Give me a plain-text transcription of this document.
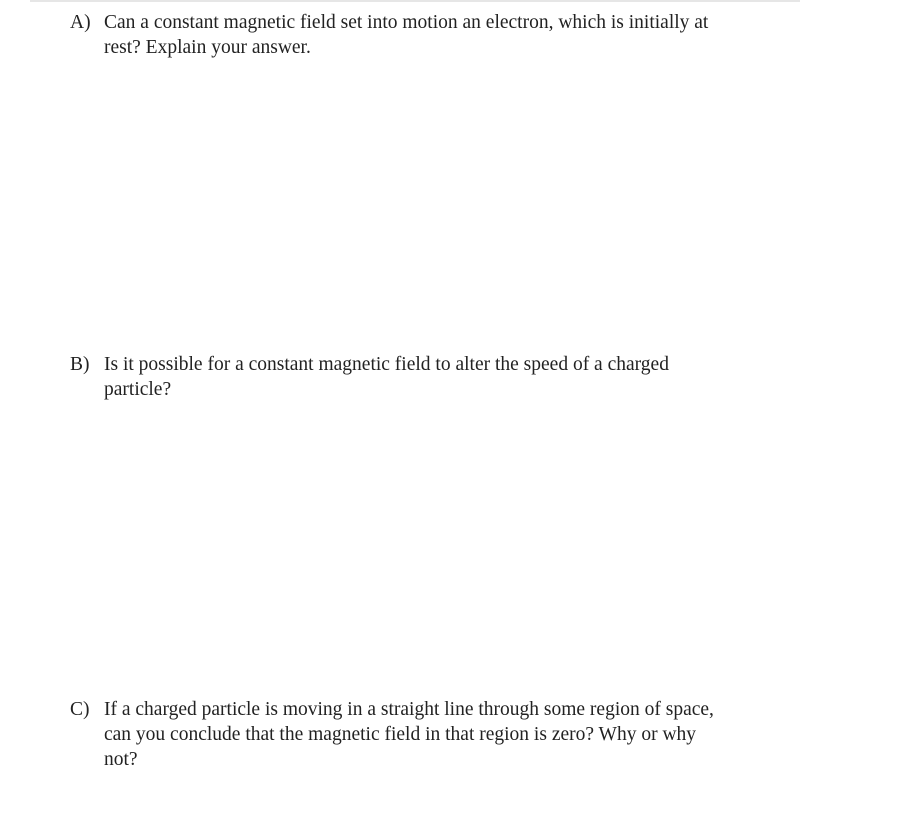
A) Can a constant magnetic field set into motion an electron, which is initially at
rest? Explain your answer.
B) Is it possible for a constant magnetic field to alter the speed of a charged
particle?
C) If a charged particle is moving in a straight line through some region of space,
can you conclude that the magnetic field in that region is zero? Why or why
not?
